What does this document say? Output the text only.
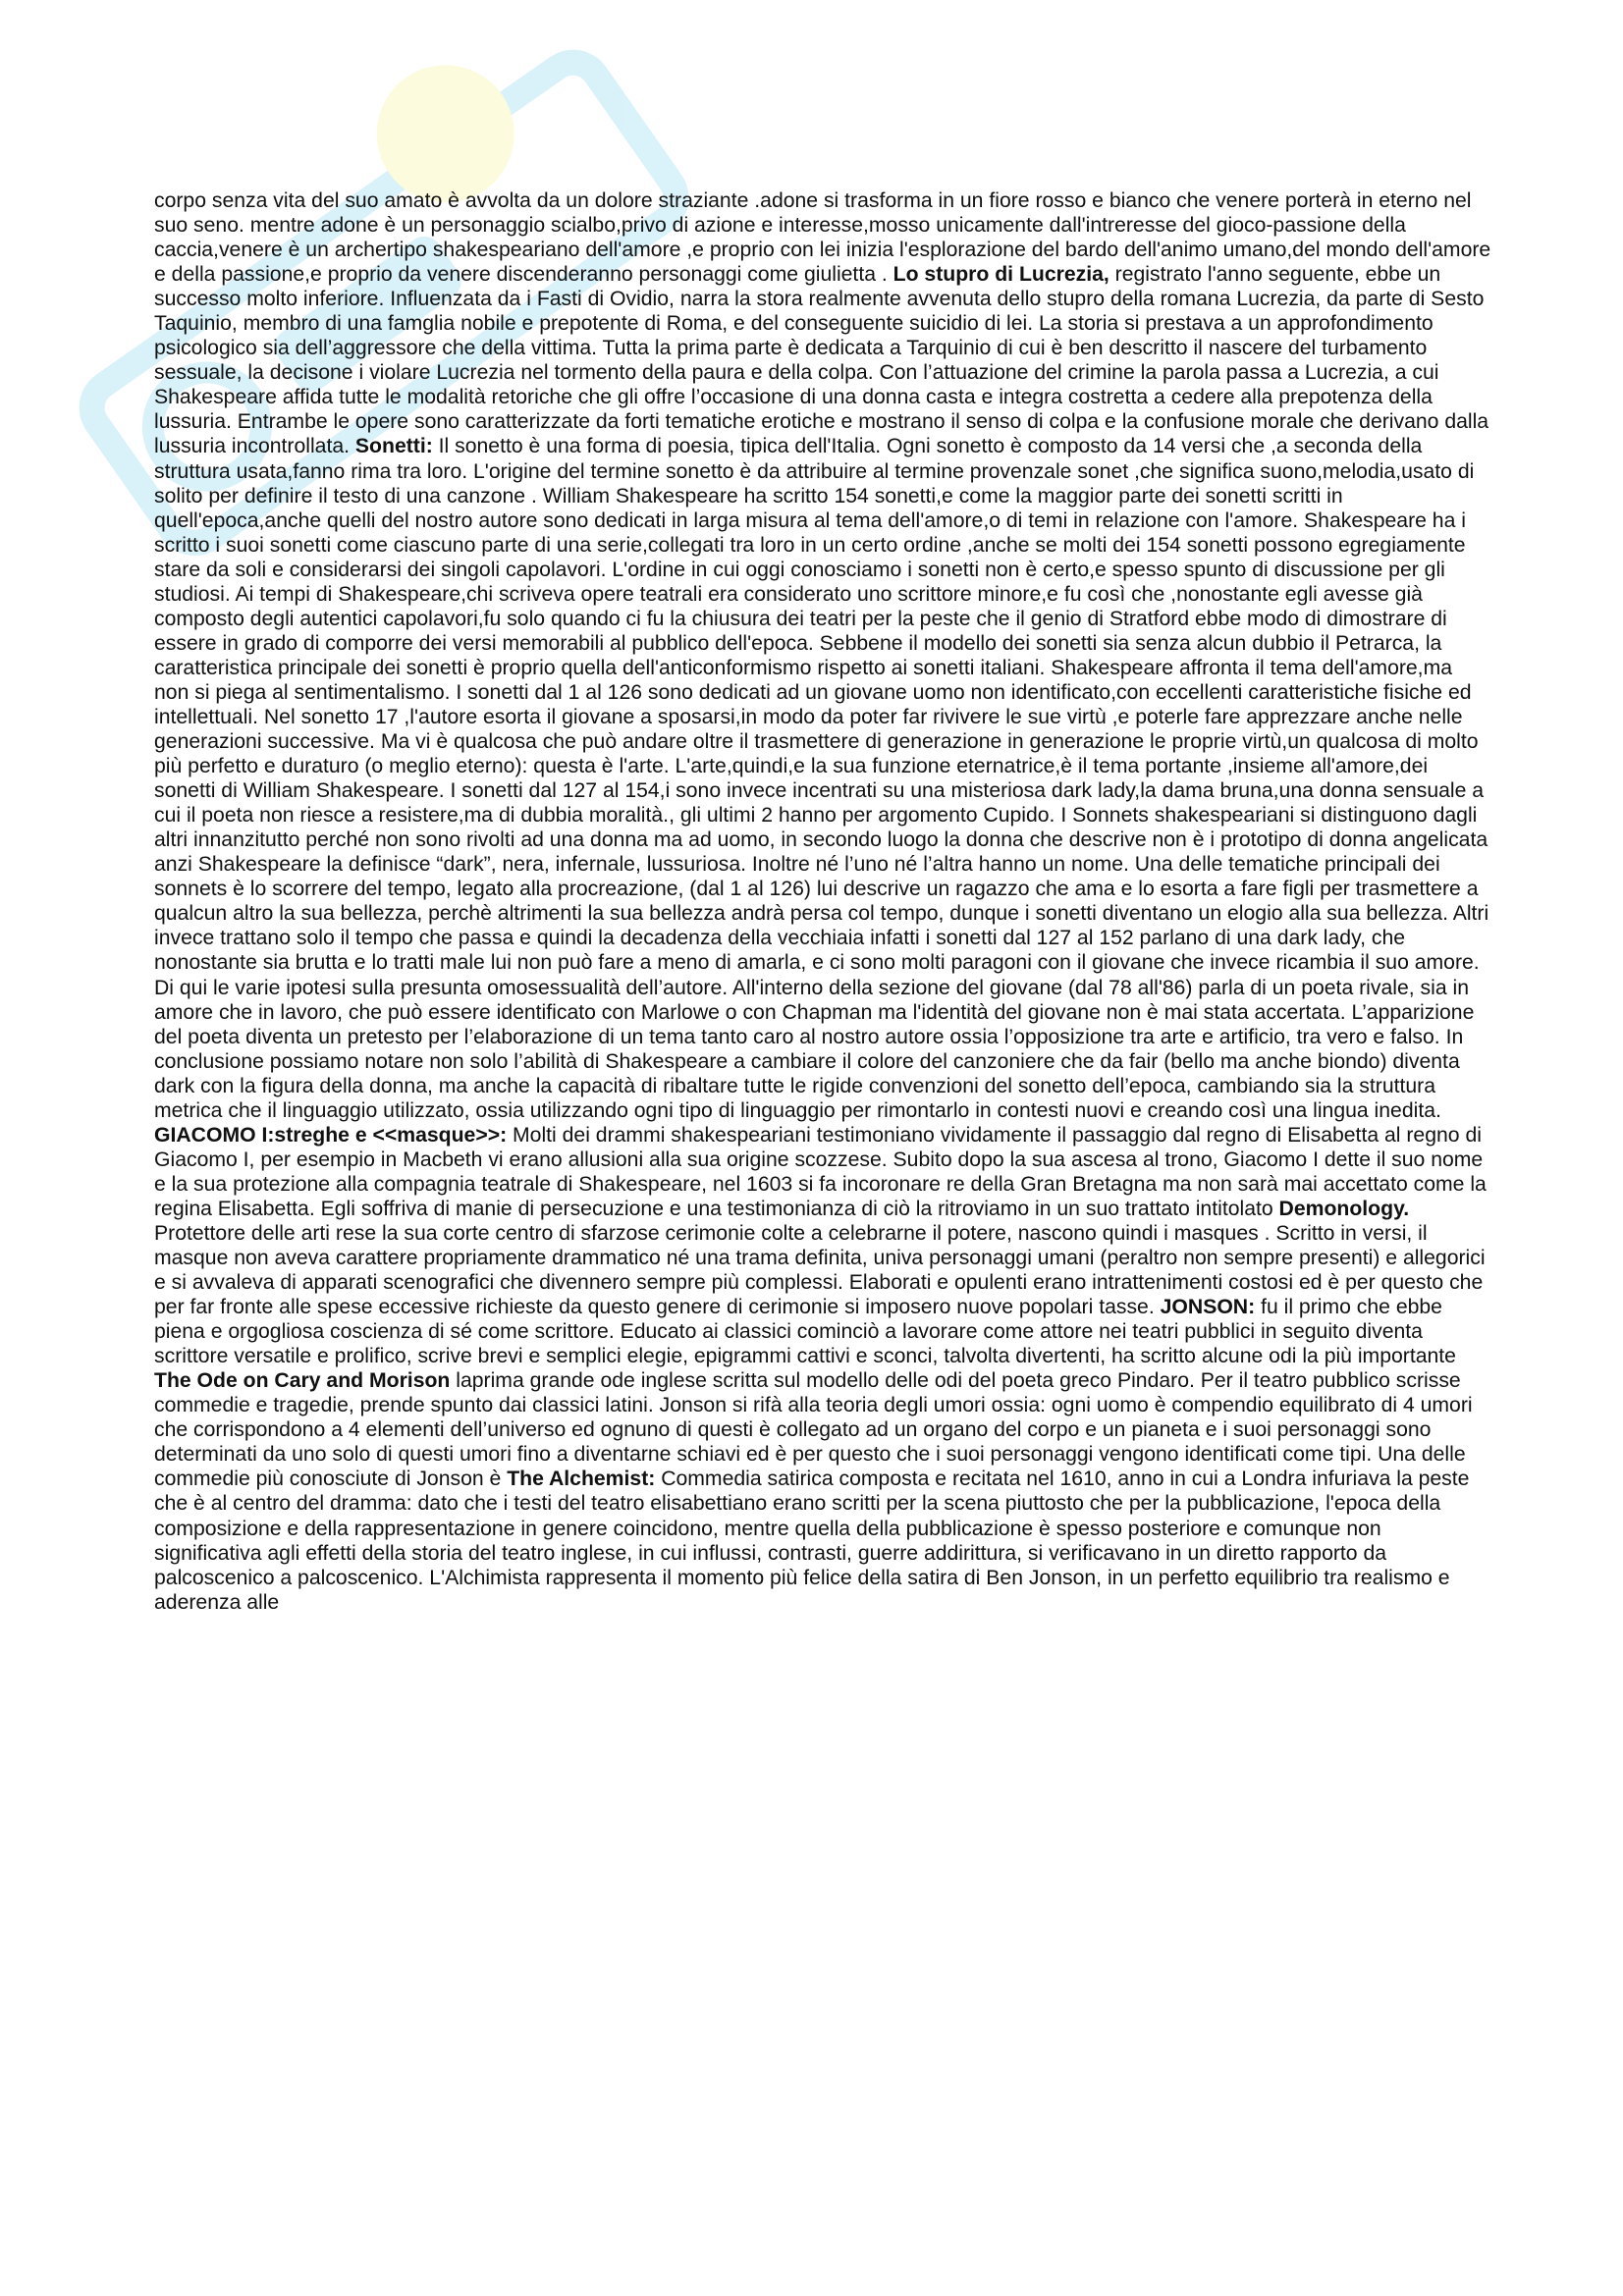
corpo senza vita del suo amato è avvolta da un dolore straziante .adone si trasforma in un fiore rosso e bianco che venere porterà in eterno nel suo seno. mentre adone è un personaggio scialbo,privo di azione e interesse,mosso unicamente dall'intreresse del gioco-passione della caccia,venere è un archertipo shakespeariano dell'amore ,e proprio con lei inizia l'esplorazione del bardo dell'animo umano,del mondo dell'amore e della passione,e proprio da venere discenderanno personaggi come giulietta . Lo stupro di Lucrezia, registrato l'anno seguente, ebbe un successo molto inferiore. Influenzata da i Fasti di Ovidio, narra la stora realmente avvenuta dello stupro della romana Lucrezia, da parte di Sesto Taquinio, membro di una famglia nobile e prepotente di Roma, e del conseguente suicidio di lei. La storia si prestava a un approfondimento psicologico sia dell’aggressore che della vittima. Tutta la prima parte è dedicata a Tarquinio di cui è ben descritto il nascere del turbamento sessuale, la decisone i violare Lucrezia nel tormento della paura e della colpa. Con l’attuazione del crimine la parola passa a Lucrezia, a cui Shakespeare affida tutte le modalità retoriche che gli offre l’occasione di una donna casta e integra costretta a cedere alla prepotenza della lussuria. Entrambe le opere sono caratterizzate da forti tematiche erotiche e mostrano il senso di colpa e la confusione morale che derivano dalla lussuria incontrollata. Sonetti: Il sonetto è una forma di poesia, tipica dell'Italia. Ogni sonetto è composto da 14 versi che ,a seconda della struttura usata,fanno rima tra loro. L'origine del termine sonetto è da attribuire al termine provenzale sonet ,che significa suono,melodia,usato di solito per definire il testo di una canzone . William Shakespeare ha scritto 154 sonetti,e come la maggior parte dei sonetti scritti in quell'epoca,anche quelli del nostro autore sono dedicati in larga misura al tema dell'amore,o di temi in relazione con l'amore. Shakespeare ha i scritto i suoi sonetti come ciascuno parte di una serie,collegati tra loro in un certo ordine ,anche se molti dei 154 sonetti possono egregiamente stare da soli e considerarsi dei singoli capolavori. L'ordine in cui oggi conosciamo i sonetti non è certo,e spesso spunto di discussione per gli studiosi. Ai tempi di Shakespeare,chi scriveva opere teatrali era considerato uno scrittore minore,e fu così che ,nonostante egli avesse già composto degli autentici capolavori,fu solo quando ci fu la chiusura dei teatri per la peste che il genio di Stratford ebbe modo di dimostrare di essere in grado di comporre dei versi memorabili al pubblico dell'epoca. Sebbene il modello dei sonetti sia senza alcun dubbio il Petrarca, la caratteristica principale dei sonetti è proprio quella dell'anticonformismo rispetto ai sonetti italiani. Shakespeare affronta il tema dell'amore,ma non si piega al sentimentalismo. I sonetti dal 1 al 126 sono dedicati ad un giovane uomo non identificato,con eccellenti caratteristiche fisiche ed intellettuali. Nel sonetto 17 ,l'autore esorta il giovane a sposarsi,in modo da poter far rivivere le sue virtù ,e poterle fare apprezzare anche nelle generazioni successive. Ma vi è qualcosa che può andare oltre il trasmettere di generazione in generazione le proprie virtù,un qualcosa di molto più perfetto e duraturo (o meglio eterno): questa è l'arte. L'arte,quindi,e la sua funzione eternatrice,è il tema portante ,insieme all'amore,dei sonetti di William Shakespeare. I sonetti dal 127 al 154,i sono invece incentrati su una misteriosa dark lady,la dama bruna,una donna sensuale a cui il poeta non riesce a resistere,ma di dubbia moralità., gli ultimi 2 hanno per argomento Cupido. I Sonnets shakespeariani si distinguono dagli altri innanzitutto perché non sono rivolti ad una donna ma ad uomo, in secondo luogo la donna che descrive non è i prototipo di donna angelicata anzi Shakespeare la definisce “dark”, nera, infernale, lussuriosa. Inoltre né l’uno né l’altra hanno un nome. Una delle tematiche principali dei sonnets è lo scorrere del tempo, legato alla procreazione, (dal 1 al 126) lui descrive un ragazzo che ama e lo esorta a fare figli per trasmettere a qualcun altro la sua bellezza, perchè altrimenti la sua bellezza andrà persa col tempo, dunque i sonetti diventano un elogio alla sua bellezza. Altri invece trattano solo il tempo che passa e quindi la decadenza della vecchiaia infatti i sonetti dal 127 al 152 parlano di una dark lady, che nonostante sia brutta e lo tratti male lui non può fare a meno di amarla, e ci sono molti paragoni con il giovane che invece ricambia il suo amore. Di qui le varie ipotesi sulla presunta omosessualità dell’autore. All'interno della sezione del giovane (dal 78 all'86) parla di un poeta rivale, sia in amore che in lavoro, che può essere identificato con Marlowe o con Chapman ma l'identità del giovane non è mai stata accertata. L’apparizione del poeta diventa un pretesto per l’elaborazione di un tema tanto caro al nostro autore ossia l’opposizione tra arte e artificio, tra vero e falso. In conclusione possiamo notare non solo l’abilità di Shakespeare a cambiare il colore del canzoniere che da fair (bello ma anche biondo) diventa dark con la figura della donna, ma anche la capacità di ribaltare tutte le rigide convenzioni del sonetto dell’epoca, cambiando sia la struttura metrica che il linguaggio utilizzato, ossia utilizzando ogni tipo di linguaggio per rimontarlo in contesti nuovi e creando così una lingua inedita. GIACOMO I:streghe e <<masque>>: Molti dei drammi shakespeariani testimoniano vividamente il passaggio dal regno di Elisabetta al regno di Giacomo I, per esempio in Macbeth vi erano allusioni alla sua origine scozzese. Subito dopo la sua ascesa al trono, Giacomo I dette il suo nome e la sua protezione alla compagnia teatrale di Shakespeare, nel 1603 si fa incoronare re della Gran Bretagna ma non sarà mai accettato come la regina Elisabetta. Egli soffriva di manie di persecuzione e una testimonianza di ciò la ritroviamo in un suo trattato intitolato Demonology. Protettore delle arti rese la sua corte centro di sfarzose cerimonie colte a celebrarne il potere, nascono quindi i masques . Scritto in versi, il masque non aveva carattere propriamente drammatico né una trama definita, univa personaggi umani (peraltro non sempre presenti) e allegorici e si avvaleva di apparati scenografici che divennero sempre più complessi. Elaborati e opulenti erano intrattenimenti costosi ed è per questo che per far fronte alle spese eccessive richieste da questo genere di cerimonie si imposero nuove popolari tasse. JONSON: fu il primo che ebbe piena e orgogliosa coscienza di sé come scrittore. Educato ai classici cominciò a lavorare come attore nei teatri pubblici in seguito diventa scrittore versatile e prolifico, scrive brevi e semplici elegie, epigrammi cattivi e sconci, talvolta divertenti, ha scritto alcune odi la più importante The Ode on Cary and Morison laprima grande ode inglese scritta sul modello delle odi del poeta greco Pindaro. Per il teatro pubblico scrisse commedie e tragedie, prende spunto dai classici latini. Jonson si rifà alla teoria degli umori ossia: ogni uomo è compendio equilibrato di 4 umori che corrispondono a 4 elementi dell’universo ed ognuno di questi è collegato ad un organo del corpo e un pianeta e i suoi personaggi sono determinati da uno solo di questi umori fino a diventarne schiavi ed è per questo che i suoi personaggi vengono identificati come tipi. Una delle commedie più conosciute di Jonson è The Alchemist: Commedia satirica composta e recitata nel 1610, anno in cui a Londra infuriava la peste che è al centro del dramma: dato che i testi del teatro elisabettiano erano scritti per la scena piuttosto che per la pubblicazione, l'epoca della composizione e della rappresentazione in genere coincidono, mentre quella della pubblicazione è spesso posteriore e comunque non significativa agli effetti della storia del teatro inglese, in cui influssi, contrasti, guerre addirittura, si verificavano in un diretto rapporto da palcoscenico a palcoscenico. L'Alchimista rappresenta il momento più felice della satira di Ben Jonson, in un perfetto equilibrio tra realismo e aderenza alle
